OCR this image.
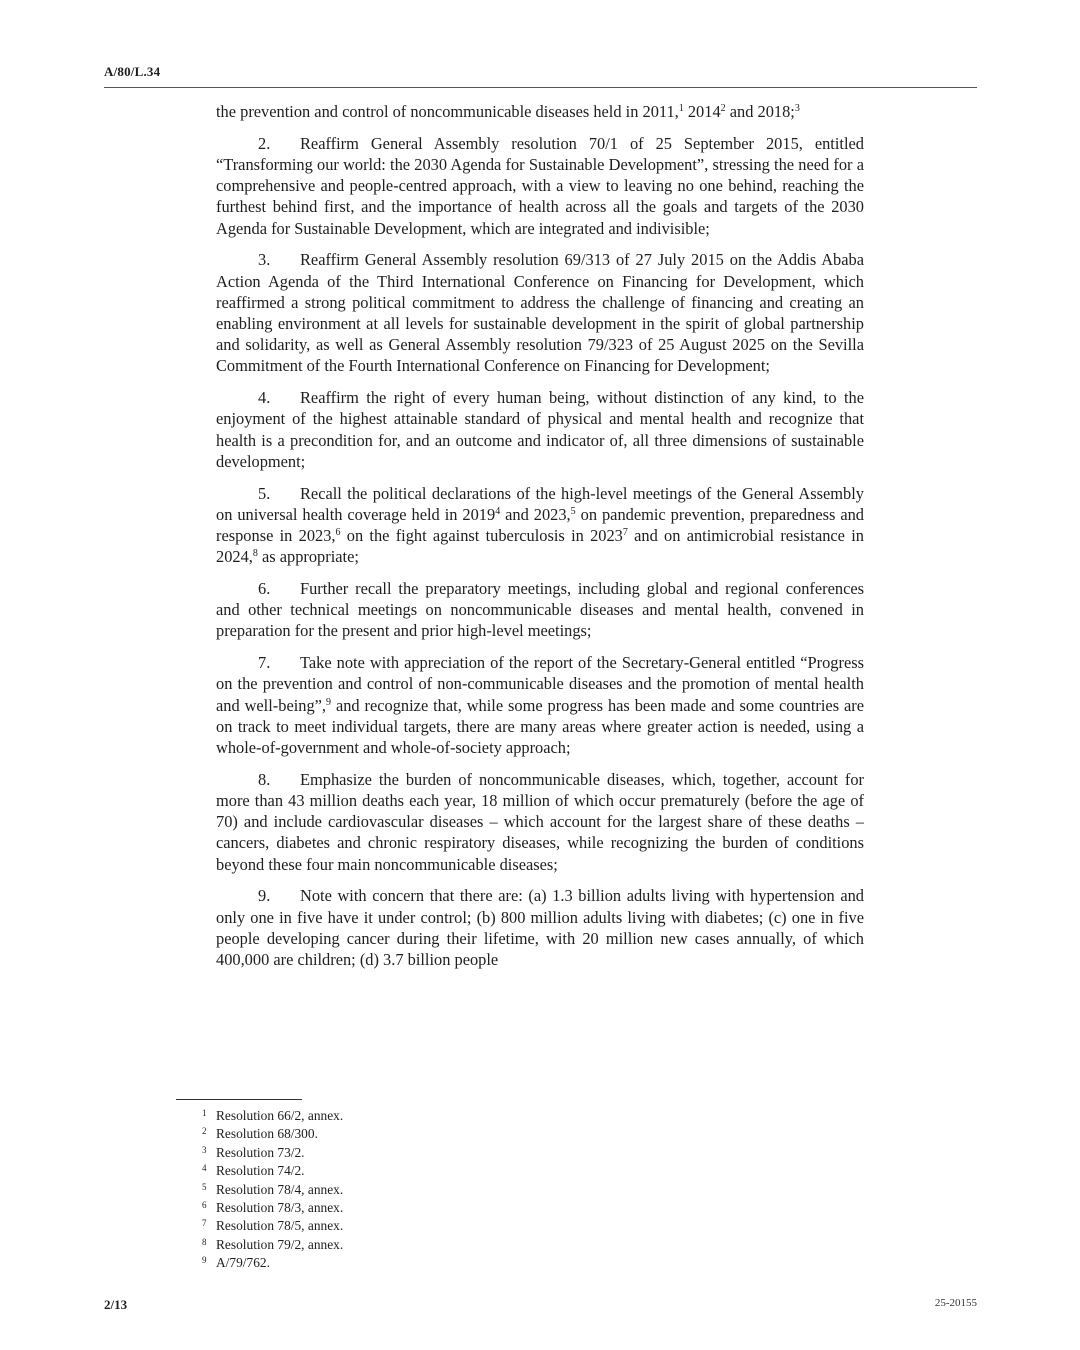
A/80/L.34

the prevention and control of noncommunicable diseases held in 2011,$^1$ 2014$^2$ and 2018;$^3$

2. Reaffirm General Assembly resolution 70/1 of 25 September 2015, entitled “Transforming our world: the 2030 Agenda for Sustainable Development”, stressing the need for a comprehensive and people-centred approach, with a view to leaving no one behind, reaching the furthest behind first, and the importance of health across all the goals and targets of the 2030 Agenda for Sustainable Development, which are integrated and indivisible;

3. Reaffirm General Assembly resolution 69/313 of 27 July 2015 on the Addis Ababa Action Agenda of the Third International Conference on Financing for Development, which reaffirmed a strong political commitment to address the challenge of financing and creating an enabling environment at all levels for sustainable development in the spirit of global partnership and solidarity, as well as General Assembly resolution 79/323 of 25 August 2025 on the Sevilla Commitment of the Fourth International Conference on Financing for Development;

4. Reaffirm the right of every human being, without distinction of any kind, to the enjoyment of the highest attainable standard of physical and mental health and recognize that health is a precondition for, and an outcome and indicator of, all three dimensions of sustainable development;

5. Recall the political declarations of the high-level meetings of the General Assembly on universal health coverage held in 2019$^4$ and 2023,$^5$ on pandemic prevention, preparedness and response in 2023,$^6$ on the fight against tuberculosis in 2023$^7$ and on antimicrobial resistance in 2024,$^8$ as appropriate;

6. Further recall the preparatory meetings, including global and regional conferences and other technical meetings on noncommunicable diseases and mental health, convened in preparation for the present and prior high-level meetings;

7. Take note with appreciation of the report of the Secretary-General entitled “Progress on the prevention and control of non-communicable diseases and the promotion of mental health and well-being”,$^9$ and recognize that, while some progress has been made and some countries are on track to meet individual targets, there are many areas where greater action is needed, using a whole-of-government and whole-of-society approach;

8. Emphasize the burden of noncommunicable diseases, which, together, account for more than 43 million deaths each year, 18 million of which occur prematurely (before the age of 70) and include cardiovascular diseases – which account for the largest share of these deaths – cancers, diabetes and chronic respiratory diseases, while recognizing the burden of conditions beyond these four main noncommunicable diseases;

9. Note with concern that there are: (a) 1.3 billion adults living with hypertension and only one in five have it under control; (b) 800 million adults living with diabetes; (c) one in five people developing cancer during their lifetime, with 20 million new cases annually, of which 400,000 are children; (d) 3.7 billion people

1 Resolution 66/2, annex.
2 Resolution 68/300.
3 Resolution 73/2.
4 Resolution 74/2.
5 Resolution 78/4, annex.
6 Resolution 78/3, annex.
7 Resolution 78/5, annex.
8 Resolution 79/2, annex.
9 A/79/762.
2/13	25-20155
